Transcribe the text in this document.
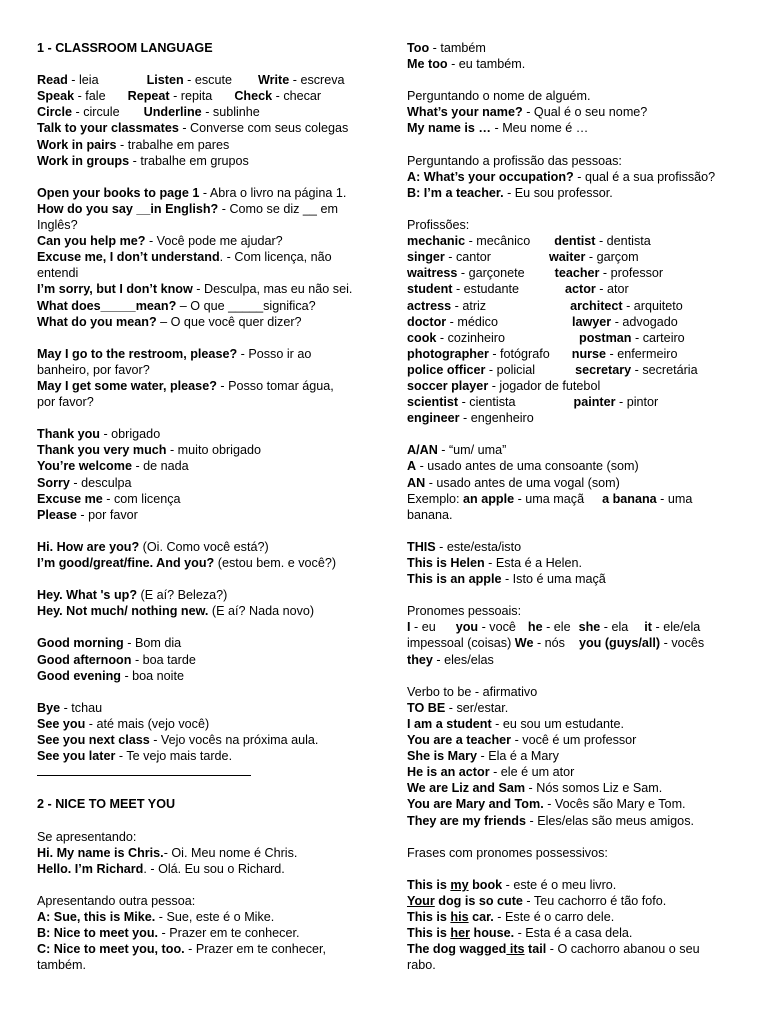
1 - CLASSROOM LANGUAGE
Read - leia	Listen - escute Write - escreva
Speak - fale Repeat - repita Check - checar
Circle - circule Underline - sublinhe
Talk to your classmates - Converse com seus colegas
Work in pairs - trabalhe em pares
Work in groups - trabalhe em grupos
Open your books to page 1 - Abra o livro na página 1.
How do you say __in English? - Como se diz __ em
Inglês?
Can you help me? - Você pode me ajudar?
Excuse me, I don’t understand. - Com licença, não
entendi
I’m sorry, but I don’t know - Desculpa, mas eu não sei.
What does_____mean? – O que _____significa?
What do you mean? – O que você quer dizer?
May I go to the restroom, please? - Posso ir ao
banheiro, por favor?
May I get some water, please? - Posso tomar água,
por favor?
Thank you - obrigado
Thank you very much - muito obrigado
You’re welcome - de nada
Sorry - desculpa
Excuse me - com licença
Please - por favor
Hi. How are you? (Oi. Como você está?)
I’m good/great/fine. And you? (estou bem. e você?)
Hey. What 's up? (E aí? Beleza?)
Hey. Not much/ nothing new. (E aí? Nada novo)
Good morning - Bom dia
Good afternoon - boa tarde
Good evening - boa noite
Bye - tchau
See you - até mais (vejo você)
See you next class - Vejo vocês na próxima aula.
See you later - Te vejo mais tarde.
2 - NICE TO MEET YOU
Se apresentando:
Hi. My name is Chris.- Oi. Meu nome é Chris.
Hello. I’m Richard. - Olá. Eu sou o Richard.
Apresentando outra pessoa:
A: Sue, this is Mike. - Sue, este é o Mike.
B: Nice to meet you. - Prazer em te conhecer.
C: Nice to meet you, too. - Prazer em te conhecer,
também.
Too - também
Me too - eu também.
Perguntando o nome de alguém.
What’s your name? - Qual é o seu nome?
My name is … - Meu nome é …
Perguntando a profissão das pessoas:
A: What’s your occupation? - qual é a sua profissão?
B: I’m a teacher. - Eu sou professor.
Profissões:
mechanic - mecânico dentist - dentista
singer - cantor	waiter - garçom
waitress - garçonete teacher - professor
student - estudante	actor - ator
actress - atriz	architect - arquiteto
doctor - médico	lawyer - advogado
cook - cozinheiro	postman - carteiro
photographer - fotógrafo nurse - enfermeiro
police officer - policial	secretary - secretária
soccer player - jogador de futebol
scientist - cientista	painter - pintor
engineer - engenheiro
A/AN - “um/ uma”
A - usado antes de uma consoante (som)
AN - usado antes de uma vogal (som)
Exemplo: an apple - uma maçã a banana - uma
banana.
THIS - este/esta/isto
This is Helen - Esta é a Helen.
This is an apple - Isto é uma maçã
Pronomes pessoais:
I - eu you - você he - ele she - ela it - ele/ela
impessoal (coisas) We - nós you (guys/all) - vocês
they - eles/elas
Verbo to be - afirmativo
TO BE - ser/estar.
I am a student - eu sou um estudante.
You are a teacher - você é um professor
She is Mary - Ela é a Mary
He is an actor - ele é um ator
We are Liz and Sam - Nós somos Liz e Sam.
You are Mary and Tom. - Vocês são Mary e Tom.
They are my friends - Eles/elas são meus amigos.
Frases com pronomes possessivos:
This is my book - este é o meu livro.
Your dog is so cute - Teu cachorro é tão fofo.
This is his car. - Este é o carro dele.
This is her house. - Esta é a casa dela.
The dog wagged its tail - O cachorro abanou o seu
rabo.
